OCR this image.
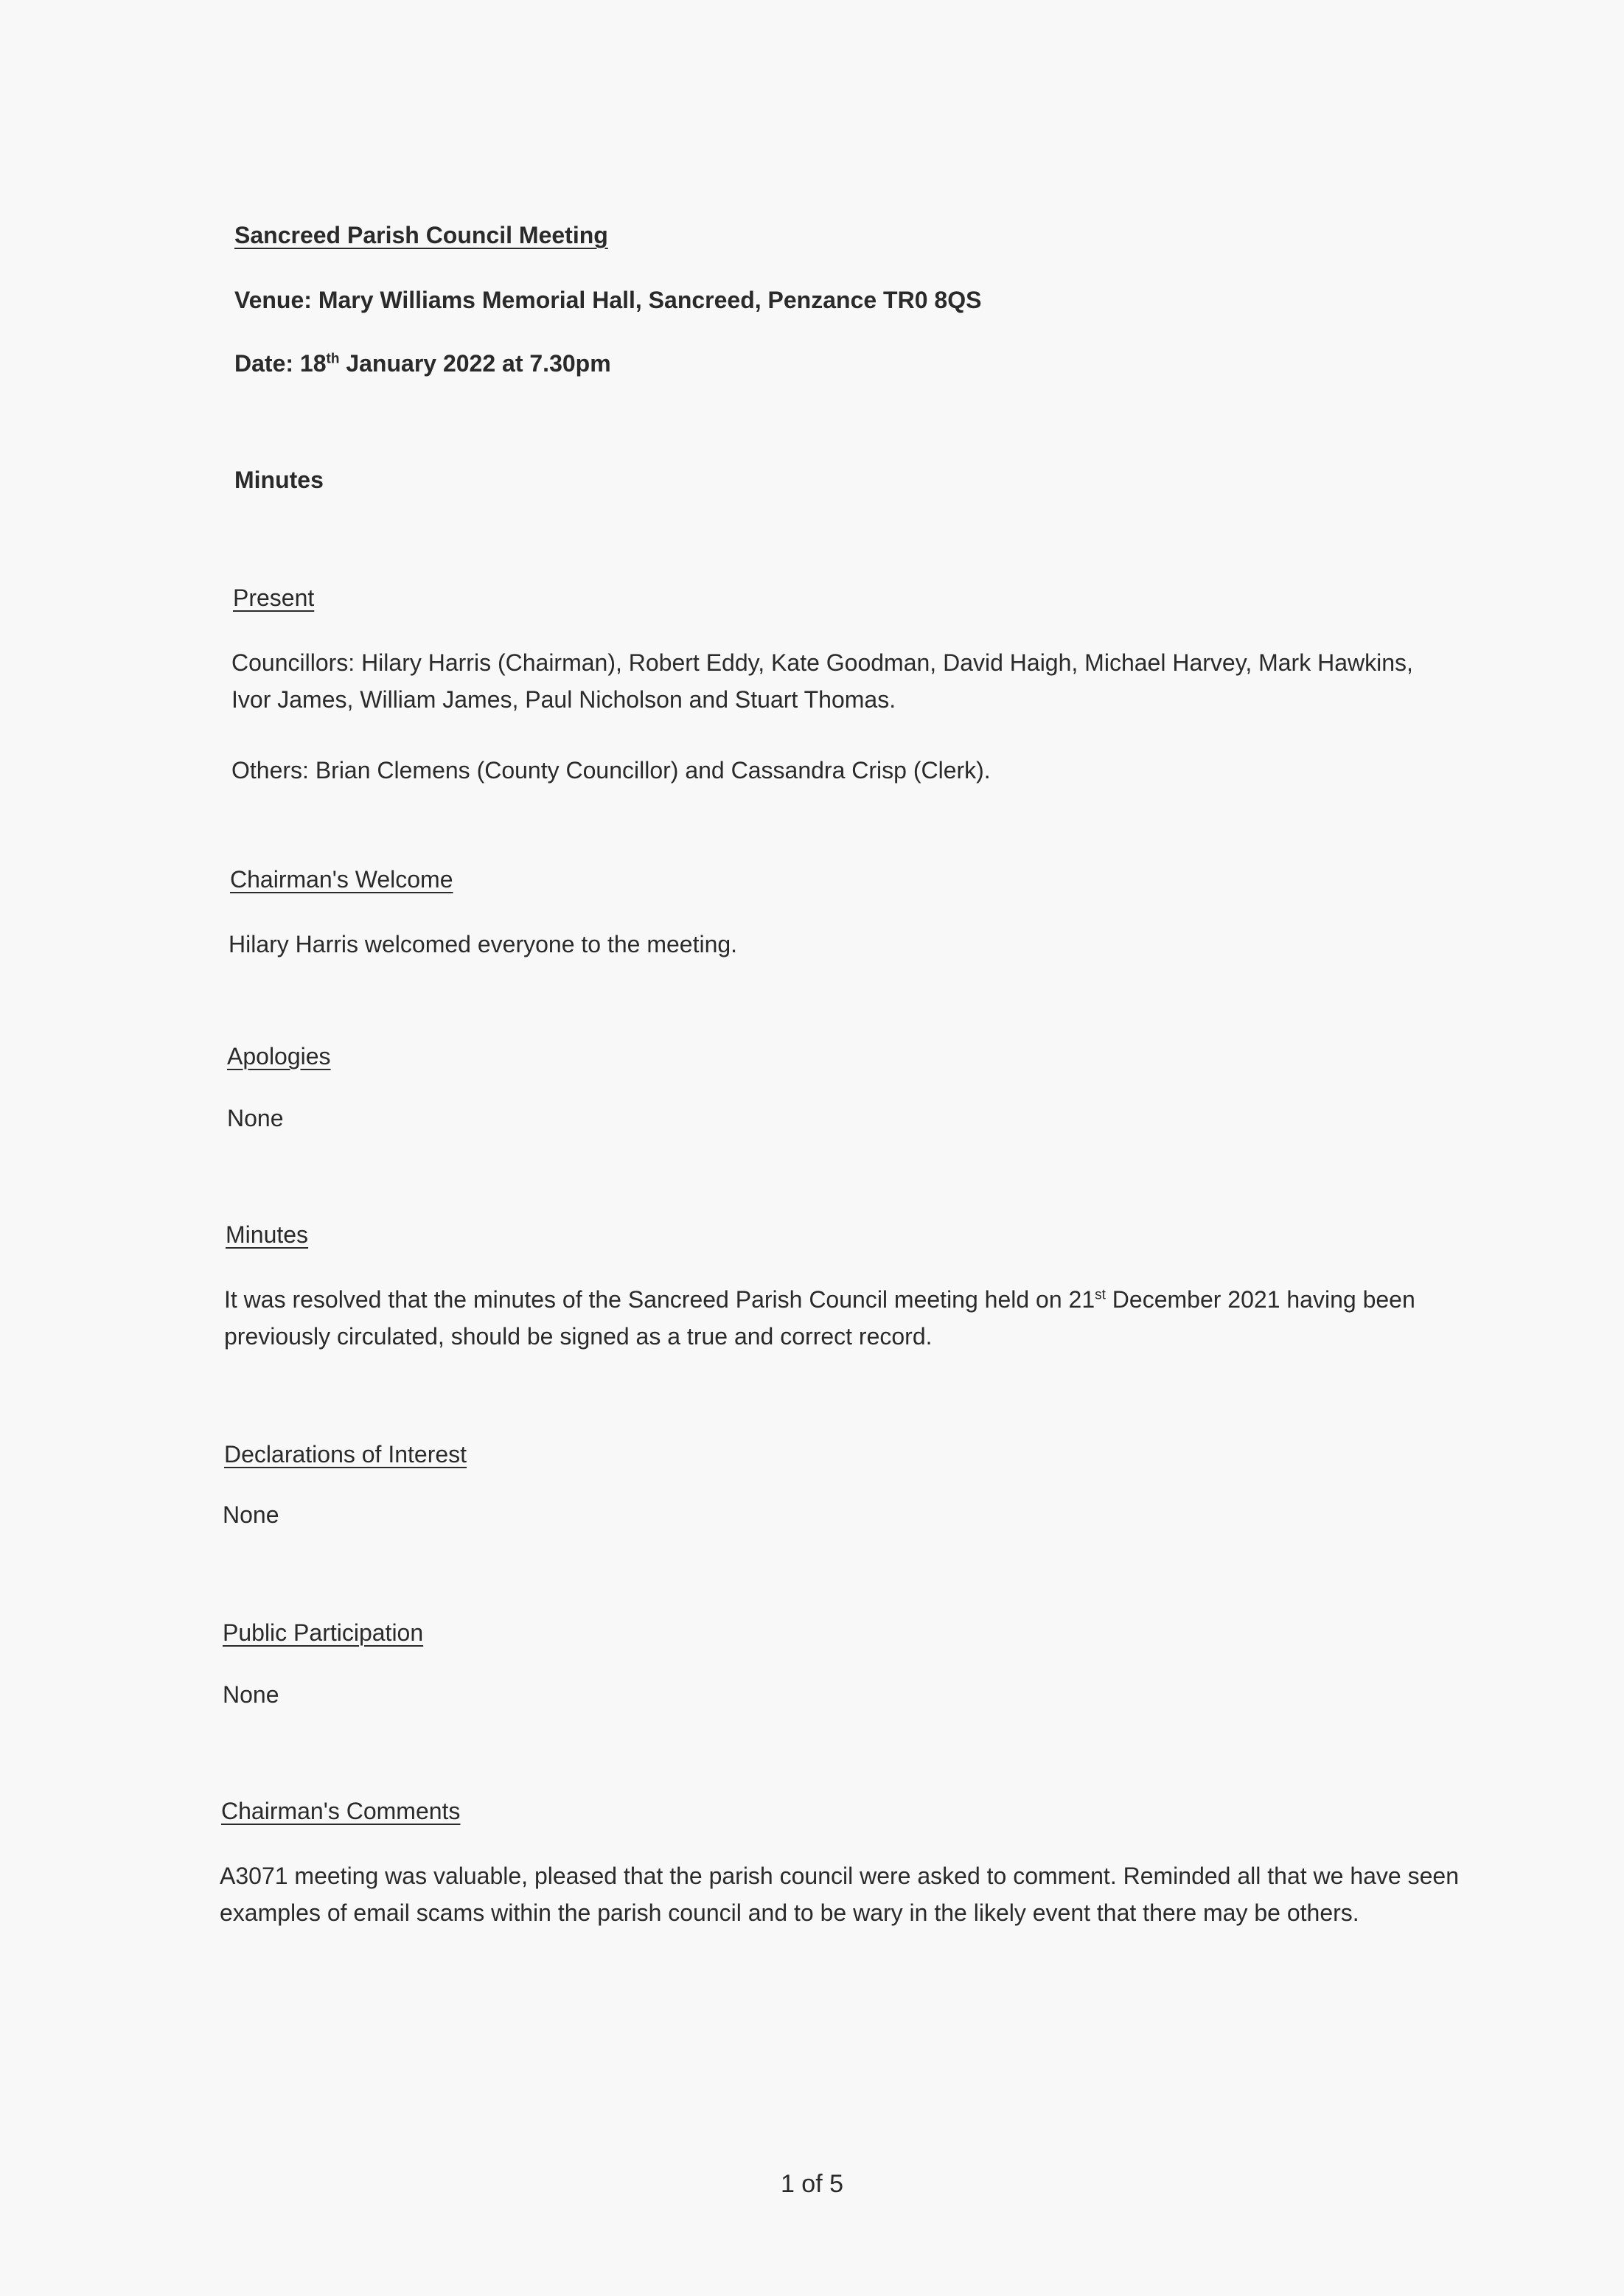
Sancreed Parish Council Meeting

Venue: Mary Williams Memorial Hall, Sancreed, Penzance TR0 8QS

Date: 18th January 2022 at 7.30pm

Minutes

Present

Councillors: Hilary Harris (Chairman), Robert Eddy, Kate Goodman, David Haigh, Michael Harvey, Mark Hawkins, Ivor James, William James, Paul Nicholson and Stuart Thomas.

Others: Brian Clemens (County Councillor) and Cassandra Crisp (Clerk).

Chairman's Welcome

Hilary Harris welcomed everyone to the meeting.

Apologies

None

Minutes

It was resolved that the minutes of the Sancreed Parish Council meeting held on 21st December 2021 having been previously circulated, should be signed as a true and correct record.

Declarations of Interest

None

Public Participation

None

Chairman's Comments

A3071 meeting was valuable, pleased that the parish council were asked to comment. Reminded all that we have seen examples of email scams within the parish council and to be wary in the likely event that there may be others.

1 of 5
